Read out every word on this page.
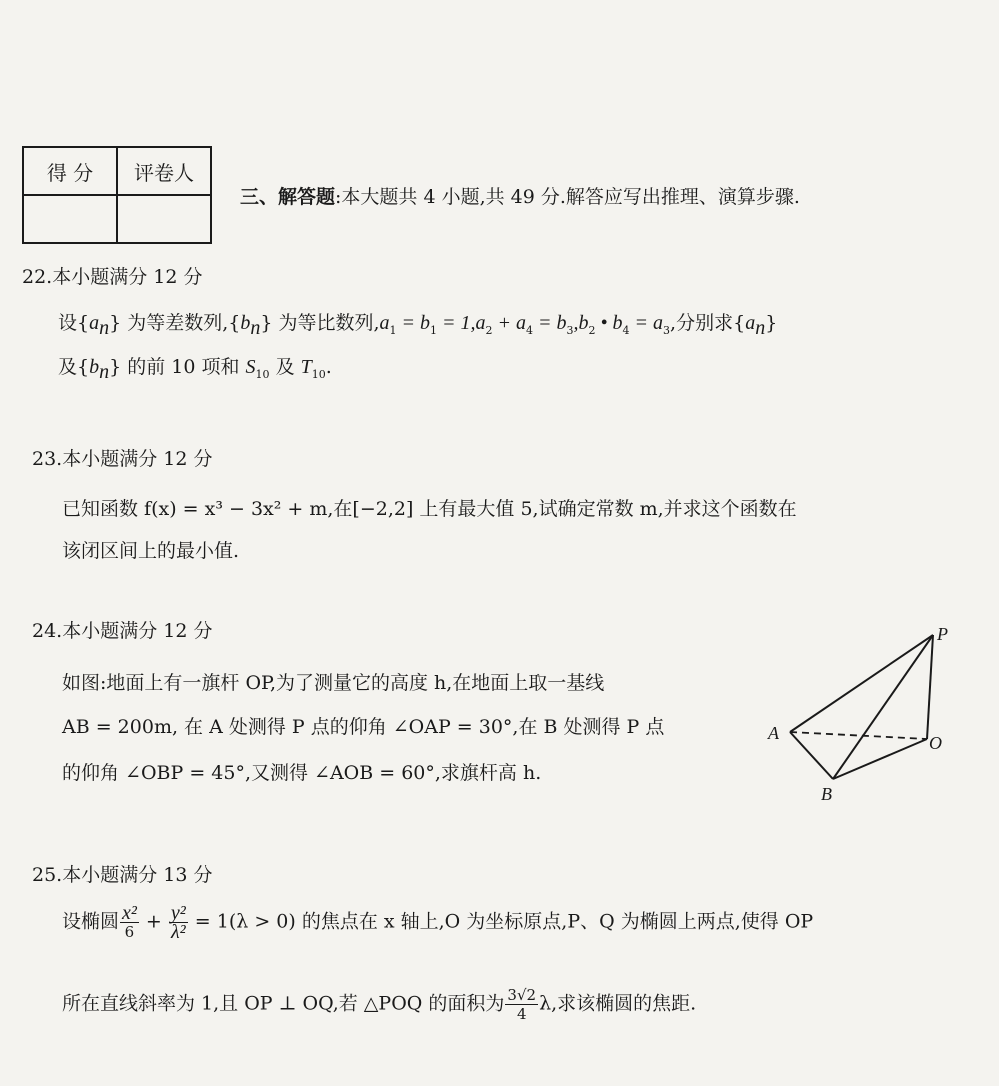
得 分	评卷人

三、解答题:本大题共 4 小题,共 49 分.解答应写出推理、演算步骤.
22.本小题满分 12 分
设$\{a_n\}$ 为等差数列$,\{b_n\}$ 为等比数列$,a_1 = b_1 = 1,a_2 + a_4 = b_3,b_2$ • $b_4 = a_3$,分别求$\{a_n\}$
及$\{b_n\}$ 的前 10 项和 $S_{10}$ 及 $T_{10}$.
23.本小题满分 12 分
已知函数 f(x) = x³ − 3x² + m,在[−2,2] 上有最大值 5,试确定常数 m,并求这个函数在
该闭区间上的最小值.
24.本小题满分 12 分
如图:地面上有一旗杆 OP,为了测量它的高度 h,在地面上取一基线
AB = 200m, 在 A 处测得 P 点的仰角 ∠OAP = 30°,在 B 处测得 P 点
的仰角 ∠OBP = 45°,又测得 ∠AOB = 60°,求旗杆高 h.
P
A	O
B
25.本小题满分 13 分
设椭圆 $\frac{\text{x²}}{6} + \frac{\text{y²}}{\text{λ²}} = 1(\lambda > 0)$ 的焦点在 x 轴上,O 为坐标原点,P、Q 为椭圆上两点,使得 OP
所在直线斜率为 1,且 OP ⊥ OQ,若 △POQ 的面积为 $\frac{3√2}{4} \lambda$,求该椭圆的焦距.
